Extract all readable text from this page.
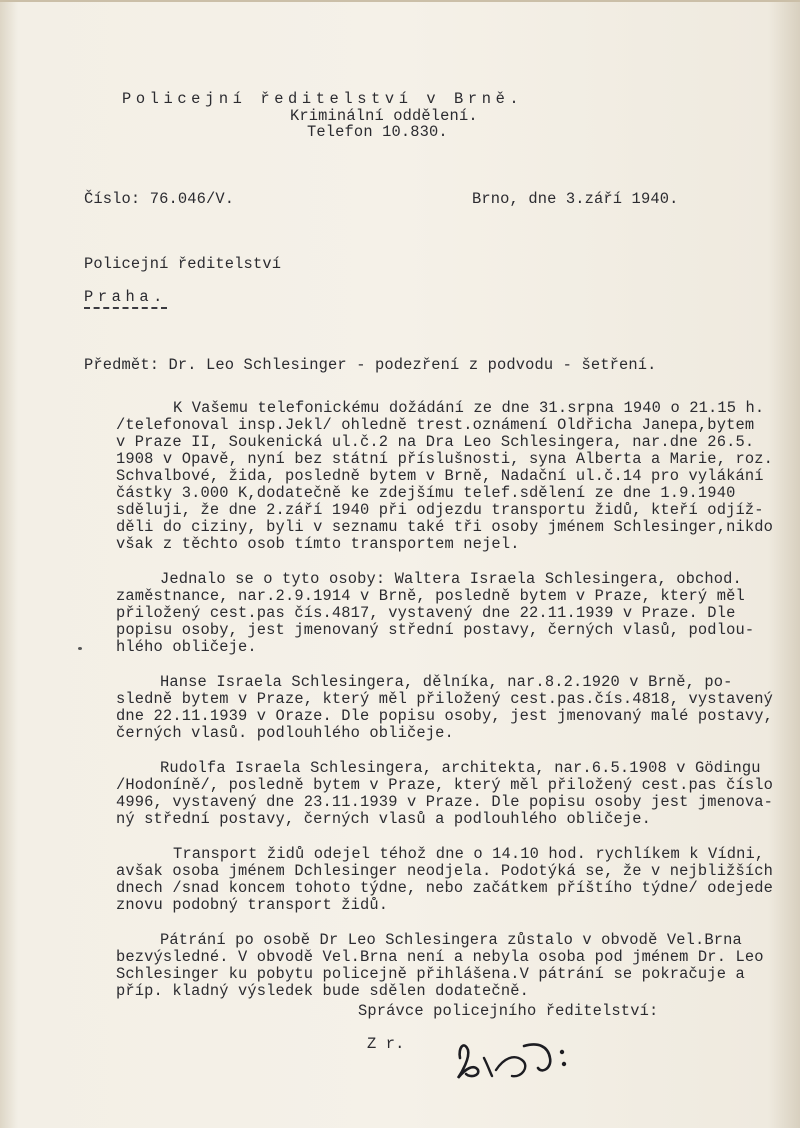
Policejní ředitelství v Brně.
Kriminální oddělení.
Telefon 10.830.
Číslo: 76.046/V.	Brno, dne 3.září 1940.
Policejní ředitelství
Praha.
Předmět: Dr. Leo Schlesinger - podezření z podvodu - šetření.
K Vašemu telefonickému dožádání ze dne 31.srpna 1940 o 21.15 h.
/telefonoval insp.Jekl/ ohledně trest.oznámení Oldřicha Janepa,bytem
v Praze II, Soukenická ul.č.2 na Dra Leo Schlesingera, nar.dne 26.5.
1908 v Opavě, nyní bez státní příslušnosti, syna Alberta a Marie, roz.
Schvalbové, žida, posledně bytem v Brně, Nadační ul.č.14 pro vylákání
částky 3.000 K,dodatečně ke zdejšímu telef.sdělení ze dne 1.9.1940
sděluji, že dne 2.září 1940 při odjezdu transportu židů, kteří odjíž-
děli do ciziny, byli v seznamu také tři osoby jménem Schlesinger,nikdo
však z těchto osob tímto transportem nejel.
Jednalo se o tyto osoby: Waltera Israela Schlesingera, obchod.
zaměstnance, nar.2.9.1914 v Brně, posledně bytem v Praze, který měl
přiložený cest.pas čís.4817, vystavený dne 22.11.1939 v Praze. Dle
popisu osoby, jest jmenovaný střední postavy, černých vlasů, podlou-
hlého obličeje.
Hanse Israela Schlesingera, dělníka, nar.8.2.1920 v Brně, po-
sledně bytem v Praze, který měl přiložený cest.pas.čís.4818, vystavený
dne 22.11.1939 v Oraze. Dle popisu osoby, jest jmenovaný malé postavy,
černých vlasů. podlouhlého obličeje.
Rudolfa Israela Schlesingera, architekta, nar.6.5.1908 v Gödingu
/Hodoníně/, posledně bytem v Praze, který měl přiložený cest.pas číslo
4996, vystavený dne 23.11.1939 v Praze. Dle popisu osoby jest jmenova-
ný střední postavy, černých vlasů a podlouhlého obličeje.
Transport židů odejel téhož dne o 14.10 hod. rychlíkem k Vídni,
avšak osoba jménem Dchlesinger neodjela. Podotýká se, že v nejbližších
dnech /snad koncem tohoto týdne, nebo začátkem příštího týdne/ odejede
znovu podobný transport židů.
Pátrání po osobě Dr Leo Schlesingera zůstalo v obvodě Vel.Brna
bezvýsledné. V obvodě Vel.Brna není a nebyla osoba pod jménem Dr. Leo
Schlesinger ku pobytu policejně přihlášena.V pátrání se pokračuje a
příp. kladný výsledek bude sdělen dodatečně.
Správce policejního ředitelství:
Z r.
